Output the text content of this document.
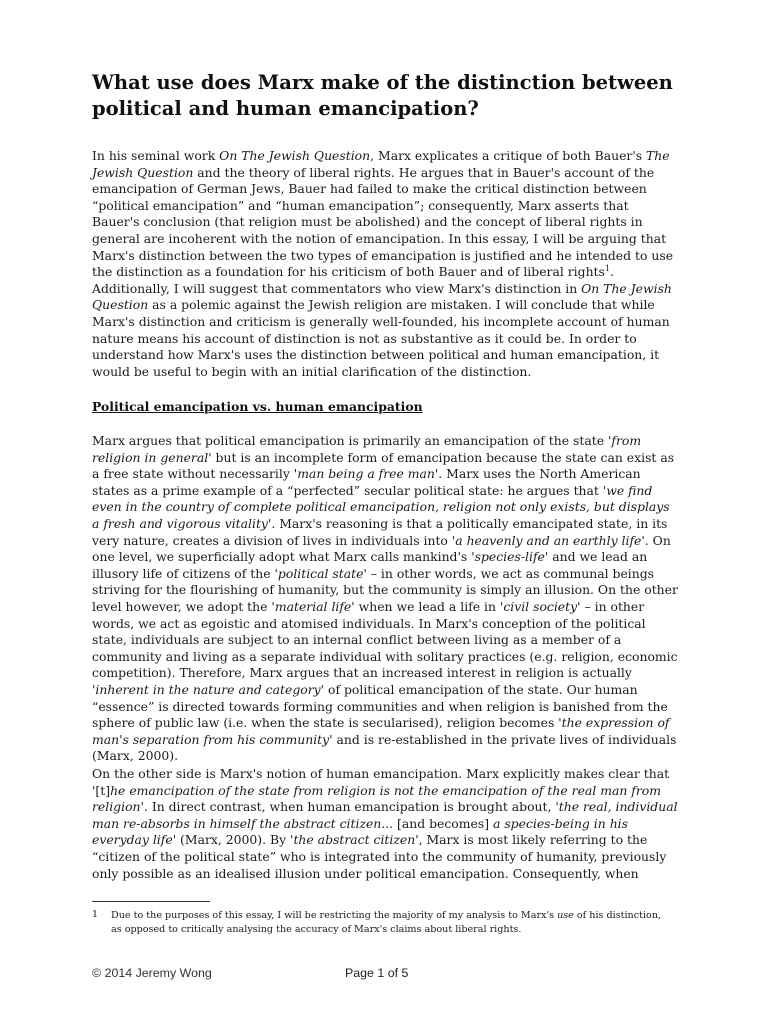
What use does Marx make of the distinction between political and human emancipation?

In his seminal work On The Jewish Question, Marx explicates a critique of both Bauer's The Jewish Question and the theory of liberal rights. He argues that in Bauer's account of the emancipation of German Jews, Bauer had failed to make the critical distinction between “political emancipation” and “human emancipation”; consequently, Marx asserts that Bauer's conclusion (that religion must be abolished) and the concept of liberal rights in general are incoherent with the notion of emancipation. In this essay, I will be arguing that Marx's distinction between the two types of emancipation is justified and he intended to use the distinction as a foundation for his criticism of both Bauer and of liberal rights$^1$. Additionally, I will suggest that commentators who view Marx's distinction in On The Jewish Question as a polemic against the Jewish religion are mistaken. I will conclude that while Marx's distinction and criticism is generally well-founded, his incomplete account of human nature means his account of distinction is not as substantive as it could be. In order to understand how Marx's uses the distinction between political and human emancipation, it would be useful to begin with an initial clarification of the distinction.

Political emancipation vs. human emancipation

Marx argues that political emancipation is primarily an emancipation of the state 'from religion in general' but is an incomplete form of emancipation because the state can exist as a free state without necessarily 'man being a free man'. Marx uses the North American states as a prime example of a “perfected” secular political state: he argues that 'we find even in the country of complete political emancipation, religion not only exists, but displays a fresh and vigorous vitality'. Marx's reasoning is that a politically emancipated state, in its very nature, creates a division of lives in individuals into 'a heavenly and an earthly life'. On one level, we superficially adopt what Marx calls mankind's 'species-life' and we lead an illusory life of citizens of the 'political state' – in other words, we act as communal beings striving for the flourishing of humanity, but the community is simply an illusion. On the other level however, we adopt the 'material life' when we lead a life in 'civil society' – in other words, we act as egoistic and atomised individuals. In Marx's conception of the political state, individuals are subject to an internal conflict between living as a member of a community and living as a separate individual with solitary practices (e.g. religion, economic competition). Therefore, Marx argues that an increased interest in religion is actually 'inherent in the nature and category' of political emancipation of the state. Our human “essence” is directed towards forming communities and when religion is banished from the sphere of public law (i.e. when the state is secularised), religion becomes 'the expression of man's separation from his community' and is re-established in the private lives of individuals (Marx, 2000).

On the other side is Marx's notion of human emancipation. Marx explicitly makes clear that '[t]he emancipation of the state from religion is not the emancipation of the real man from religion'. In direct contrast, when human emancipation is brought about, 'the real, individual man re-absorbs in himself the abstract citizen... [and becomes] a species-being in his everyday life' (Marx, 2000). By 'the abstract citizen', Marx is most likely referring to the “citizen of the political state” who is integrated into the community of humanity, previously only possible as an idealised illusion under political emancipation. Consequently, when

1 Due to the purposes of this essay, I will be restricting the majority of my analysis to Marx's use of his distinction, as opposed to critically analysing the accuracy of Marx's claims about liberal rights.

© 2014 Jeremy Wong	Page 1 of 5
